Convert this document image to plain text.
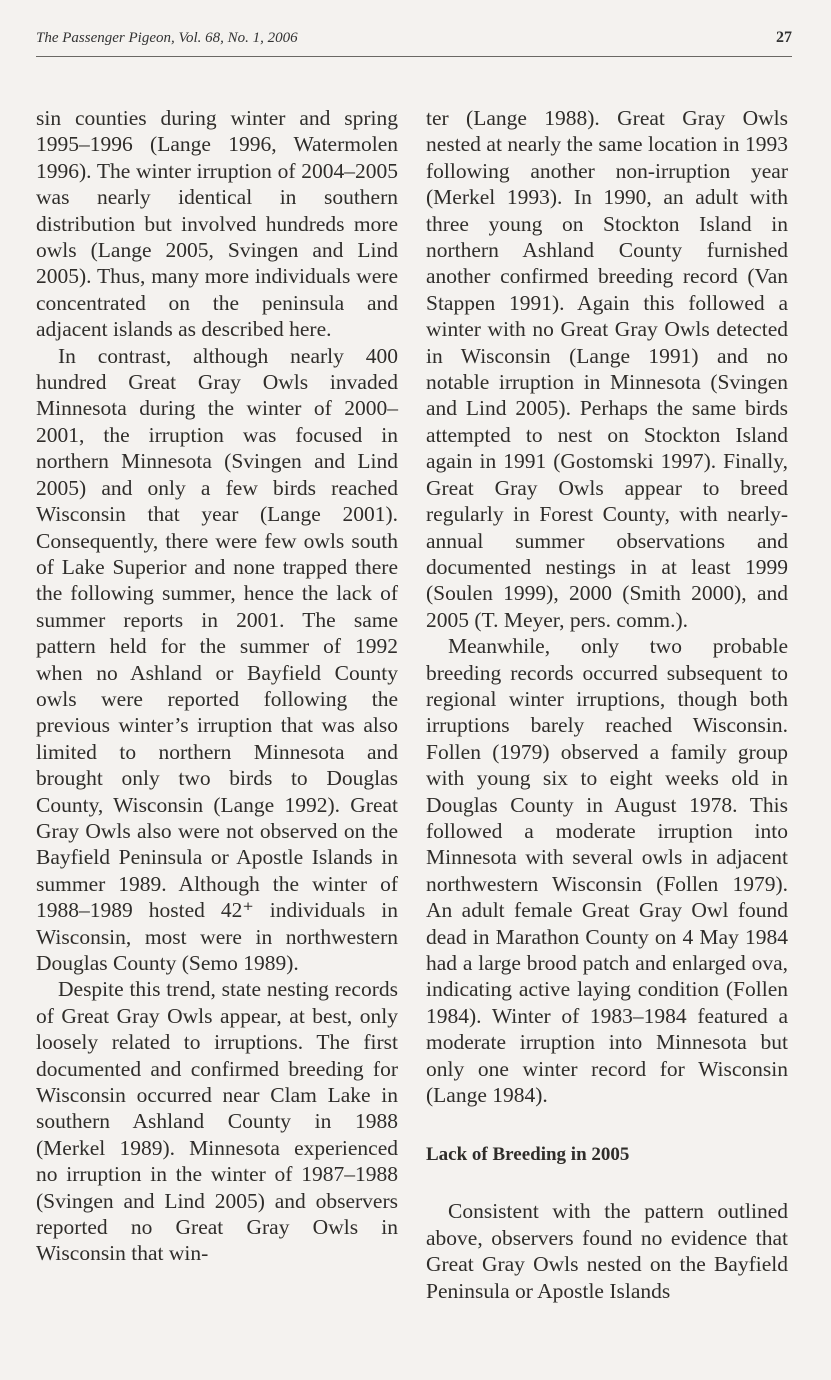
The Passenger Pigeon, Vol. 68, No. 1, 2006	27

sin counties during winter and spring 1995–1996 (Lange 1996, Watermolen 1996). The winter irruption of 2004–2005 was nearly identical in southern distribution but involved hundreds more owls (Lange 2005, Svingen and Lind 2005). Thus, many more individuals were concentrated on the peninsula and adjacent islands as described here.

In contrast, although nearly 400 hundred Great Gray Owls invaded Minnesota during the winter of 2000–2001, the irruption was focused in northern Minnesota (Svingen and Lind 2005) and only a few birds reached Wisconsin that year (Lange 2001). Consequently, there were few owls south of Lake Superior and none trapped there the following summer, hence the lack of summer reports in 2001. The same pattern held for the summer of 1992 when no Ashland or Bayfield County owls were reported following the previous winter’s irruption that was also limited to northern Minnesota and brought only two birds to Douglas County, Wisconsin (Lange 1992). Great Gray Owls also were not observed on the Bayfield Peninsula or Apostle Islands in summer 1989. Although the winter of 1988–1989 hosted 42⁺ individuals in Wisconsin, most were in northwestern Douglas County (Semo 1989).

Despite this trend, state nesting records of Great Gray Owls appear, at best, only loosely related to irruptions. The first documented and confirmed breeding for Wisconsin occurred near Clam Lake in southern Ashland County in 1988 (Merkel 1989). Minnesota experienced no irruption in the winter of 1987–1988 (Svingen and Lind 2005) and observers reported no Great Gray Owls in Wisconsin that win-

ter (Lange 1988). Great Gray Owls nested at nearly the same location in 1993 following another non-irruption year (Merkel 1993). In 1990, an adult with three young on Stockton Island in northern Ashland County furnished another confirmed breeding record (Van Stappen 1991). Again this followed a winter with no Great Gray Owls detected in Wisconsin (Lange 1991) and no notable irruption in Minnesota (Svingen and Lind 2005). Perhaps the same birds attempted to nest on Stockton Island again in 1991 (Gostomski 1997). Finally, Great Gray Owls appear to breed regularly in Forest County, with nearly-annual summer observations and documented nestings in at least 1999 (Soulen 1999), 2000 (Smith 2000), and 2005 (T. Meyer, pers. comm.).

Meanwhile, only two probable breeding records occurred subsequent to regional winter irruptions, though both irruptions barely reached Wisconsin. Follen (1979) observed a family group with young six to eight weeks old in Douglas County in August 1978. This followed a moderate irruption into Minnesota with several owls in adjacent northwestern Wisconsin (Follen 1979). An adult female Great Gray Owl found dead in Marathon County on 4 May 1984 had a large brood patch and enlarged ova, indicating active laying condition (Follen 1984). Winter of 1983–1984 featured a moderate irruption into Minnesota but only one winter record for Wisconsin (Lange 1984).

Lack of Breeding in 2005

Consistent with the pattern outlined above, observers found no evidence that Great Gray Owls nested on the Bayfield Peninsula or Apostle Islands
